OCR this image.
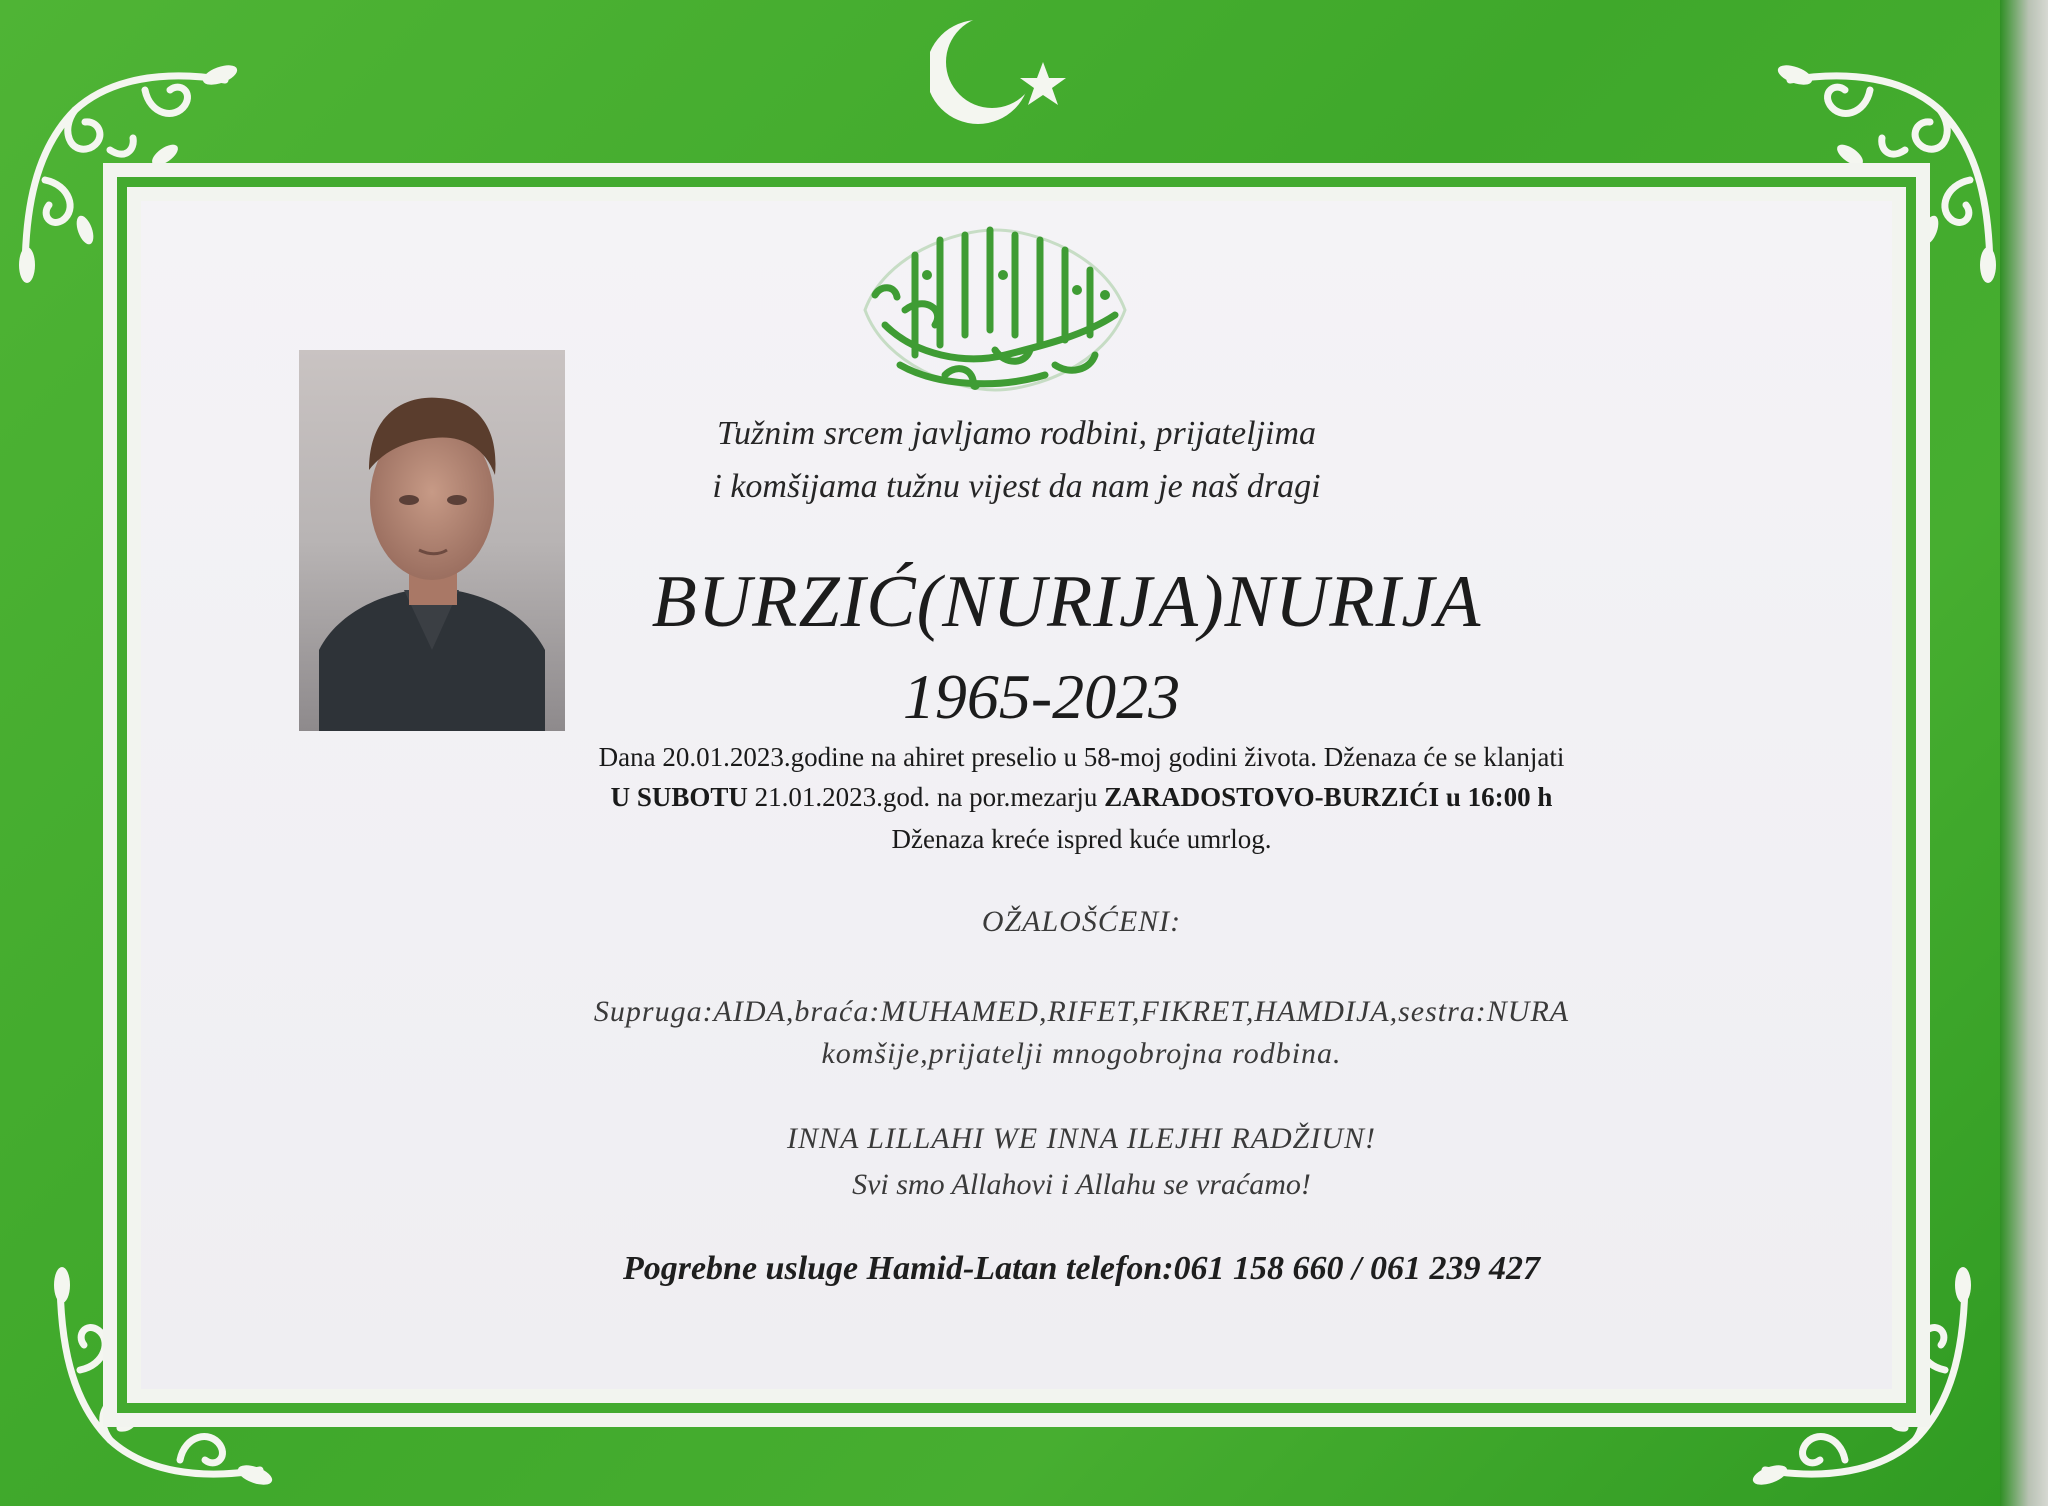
Tužnim srcem javljamo rodbini, prijateljima
i komšijama tužnu vijest da nam je naš dragi
BURZIĆ(NURIJA)NURIJA
1965-2023
Dana 20.01.2023.godine na ahiret preselio u 58-moj godini života. Dženaza će se klanjati
U SUBOTU 21.01.2023.god. na por.mezarju ZARADOSTOVO-BURZIĆI u 16:00 h
Dženaza kreće ispred kuće umrlog.
OŽALOŠĆENI:
Supruga:AIDA,braća:MUHAMED,RIFET,FIKRET,HAMDIJA,sestra:NURA
komšije,prijatelji mnogobrojna rodbina.
INNA LILLAHI WE INNA ILEJHI RADŽIUN!
Svi smo Allahovi i Allahu se vraćamo!
Pogrebne usluge Hamid-Latan telefon:061 158 660 / 061 239 427
